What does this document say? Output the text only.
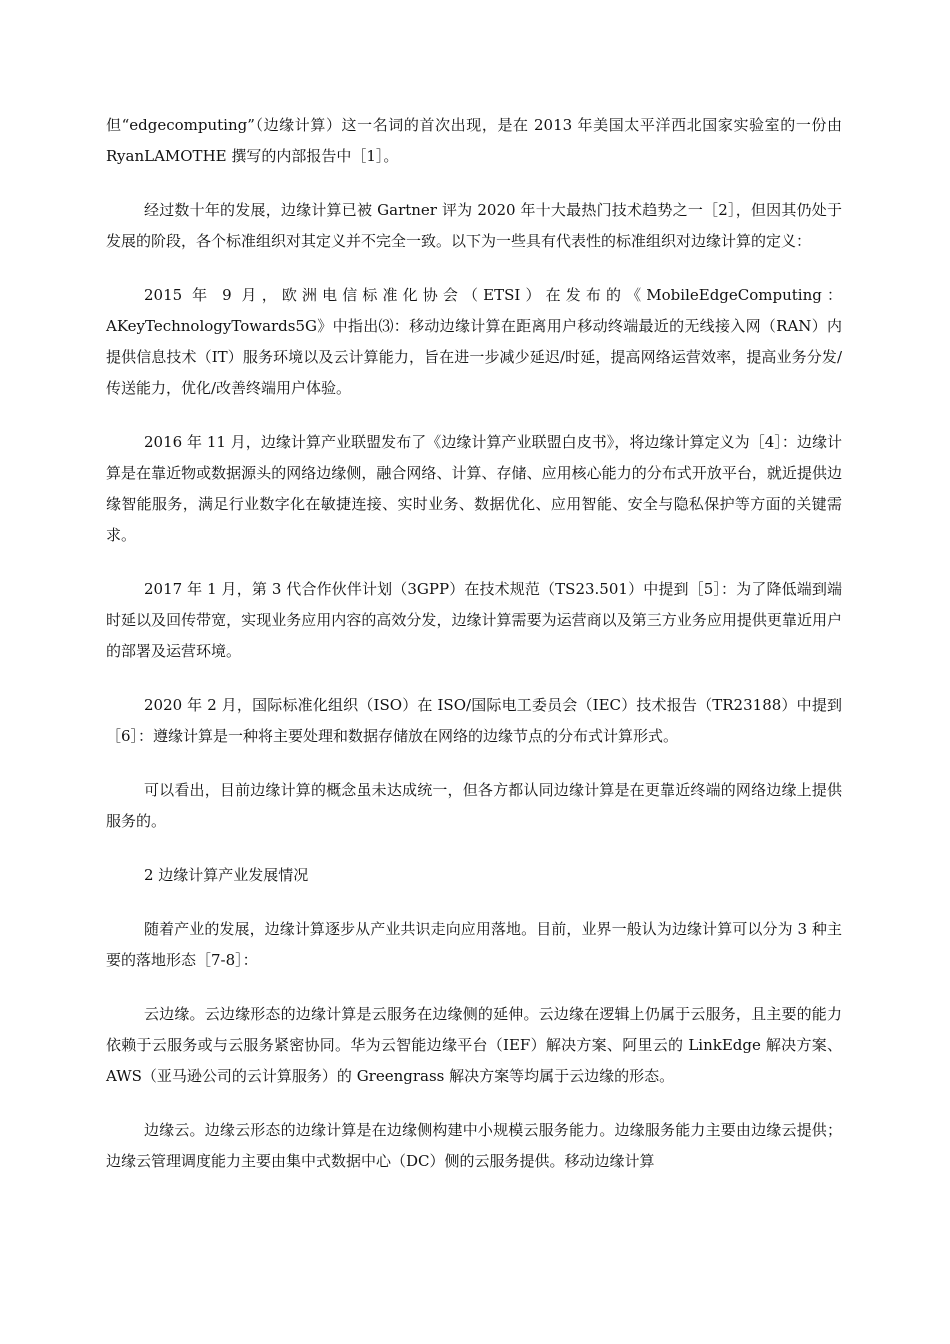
但“edgecomputing”（边缘计算）这一名词的首次出现，是在 2013 年美国太平洋西北国家实验室的一份由 RyanLAMOTHE 撰写的内部报告中［1］。

经过数十年的发展，边缘计算已被 Gartner 评为 2020 年十大最热门技术趋势之一［2］，但因其仍处于发展的阶段，各个标准组织对其定义并不完全一致。以下为一些具有代表性的标准组织对边缘计算的定义：

2015 年 9 月，欧洲电信标准化协会（ETSI）在发布的《MobileEdgeComputing：AKeyTechnologyTowards5G》中指出⑶：移动边缘计算在距离用户移动终端最近的无线接入网（RAN）内提供信息技术（IT）服务环境以及云计算能力，旨在进一步减少延迟/时延，提高网络运营效率，提高业务分发/传送能力，优化/改善终端用户体验。

2016 年 11 月，边缘计算产业联盟发布了《边缘计算产业联盟白皮书》，将边缘计算定义为［4］：边缘计算是在靠近物或数据源头的网络边缘侧，融合网络、计算、存储、应用核心能力的分布式开放平台，就近提供边缘智能服务，满足行业数字化在敏捷连接、实时业务、数据优化、应用智能、安全与隐私保护等方面的关键需求。

2017 年 1 月，第 3 代合作伙伴计划（3GPP）在技术规范（TS23.501）中提到［5］：为了降低端到端时延以及回传带宽，实现业务应用内容的高效分发，边缘计算需要为运营商以及第三方业务应用提供更靠近用户的部署及运营环境。

2020 年 2 月，国际标准化组织（ISO）在 ISO/国际电工委员会（IEC）技术报告（TR23188）中提到［6］：遵缘计算是一种将主要处理和数据存储放在网络的边缘节点的分布式计算形式。

可以看出，目前边缘计算的概念虽未达成统一，但各方都认同边缘计算是在更靠近终端的网络边缘上提供服务的。

2 边缘计算产业发展情况

随着产业的发展，边缘计算逐步从产业共识走向应用落地。目前，业界一般认为边缘计算可以分为 3 种主要的落地形态［7-8］：

云边缘。云边缘形态的边缘计算是云服务在边缘侧的延伸。云边缘在逻辑上仍属于云服务，且主要的能力依赖于云服务或与云服务紧密协同。华为云智能边缘平台（IEF）解决方案、阿里云的 LinkEdge 解决方案、AWS（亚马逊公司的云计算服务）的 Greengrass 解决方案等均属于云边缘的形态。

边缘云。边缘云形态的边缘计算是在边缘侧构建中小规模云服务能力。边缘服务能力主要由边缘云提供；边缘云管理调度能力主要由集中式数据中心（DC）侧的云服务提供。移动边缘计算
